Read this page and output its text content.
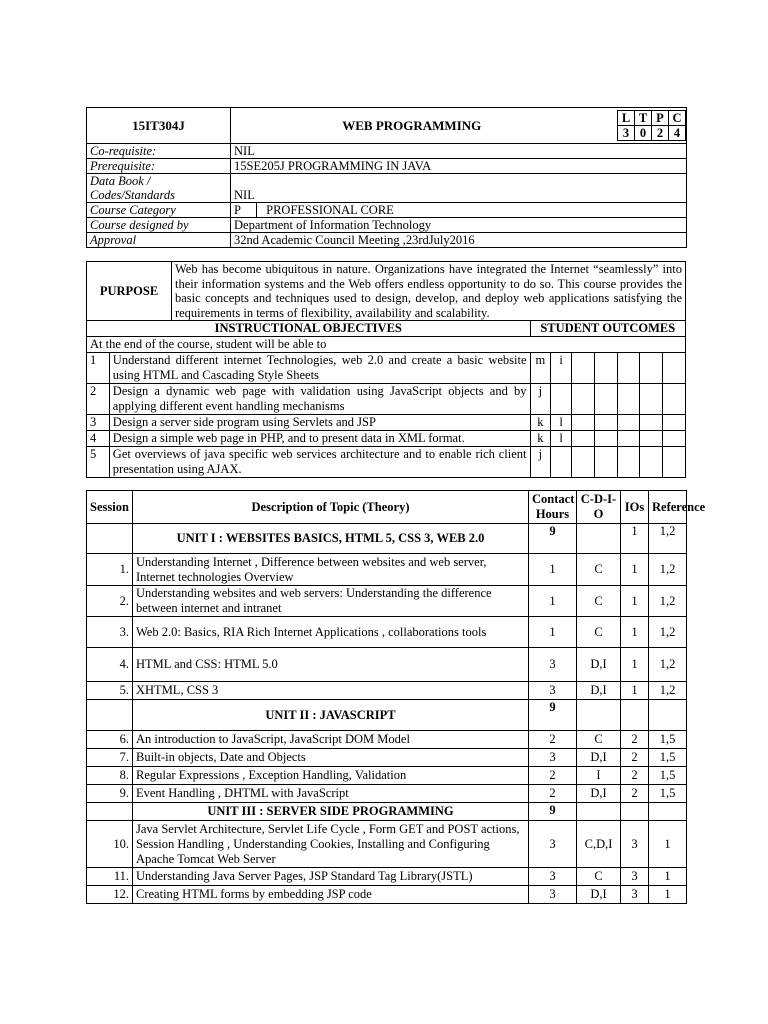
15IT304J	WEB PROGRAMMING		L	T	P	C
3	0	2	4

Co-requisite:	NIL
Prerequisite:	15SE205J PROGRAMMING IN JAVA
Data Book /	
Codes/Standards	NIL
Course Category	P PROFESSIONAL CORE
Course designed by	Department of Information Technology
Approval	32nd Academic Council Meeting ,23rdJuly2016
PURPOSE		Web has become ubiquitous in nature. Organizations have integrated the Internet “seamlessly” into their information systems and the Web offers endless opportunity to do so. This course provides the basic concepts and techniques used to design, develop, and deploy web applications satisfying the requirements in terms of flexibility, availability and scalability.							
INSTRUCTIONAL OBJECTIVES			STUDENT OUTCOMES						
At the end of the course, student will be able to									
1	Understand different internet Technologies, web 2.0 and create a basic website using HTML and Cascading Style Sheets		m	i					
2	Design a dynamic web page with validation using JavaScript objects and by applying different event handling mechanisms		j						
3	Design a server side program using Servlets and JSP		k	l					
4	Design a simple web page in PHP, and to present data in XML format.		k	l					
5	Get overviews of java specific web services architecture and to enable rich client presentation using AJAX.		j						
Session	Description of Topic (Theory)	Contact Hours	C-D-I-O	IOs	Reference
	UNIT I : WEBSITES BASICS, HTML 5, CSS 3, WEB 2.0	9		1	1,2
1.	Understanding Internet , Difference between websites and web server, Internet technologies Overview	1	C	1	1,2
2.	Understanding websites and web servers: Understanding the difference between internet and intranet	1	C	1	1,2
3.	Web 2.0: Basics, RIA Rich Internet Applications , collaborations tools	1	C	1	1,2
4.	HTML and CSS: HTML 5.0	3	D,I	1	1,2
5.	XHTML, CSS 3	3	D,I	1	1,2
	UNIT II : JAVASCRIPT	9			
6.	An introduction to JavaScript, JavaScript DOM Model	2	C	2	1,5
7.	Built-in objects, Date and Objects	3	D,I	2	1,5
8.	Regular Expressions , Exception Handling, Validation	2	I	2	1,5
9.	Event Handling , DHTML with JavaScript	2	D,I	2	1,5
	UNIT III : SERVER SIDE PROGRAMMING	9			
10.	Java Servlet Architecture, Servlet Life Cycle , Form GET and POST actions, Session Handling , Understanding Cookies, Installing and Configuring Apache Tomcat Web Server	3	C,D,I	3	1
11.	Understanding Java Server Pages, JSP Standard Tag Library(JSTL)	3	C	3	1
12.	Creating HTML forms by embedding JSP code	3	D,I	3	1
